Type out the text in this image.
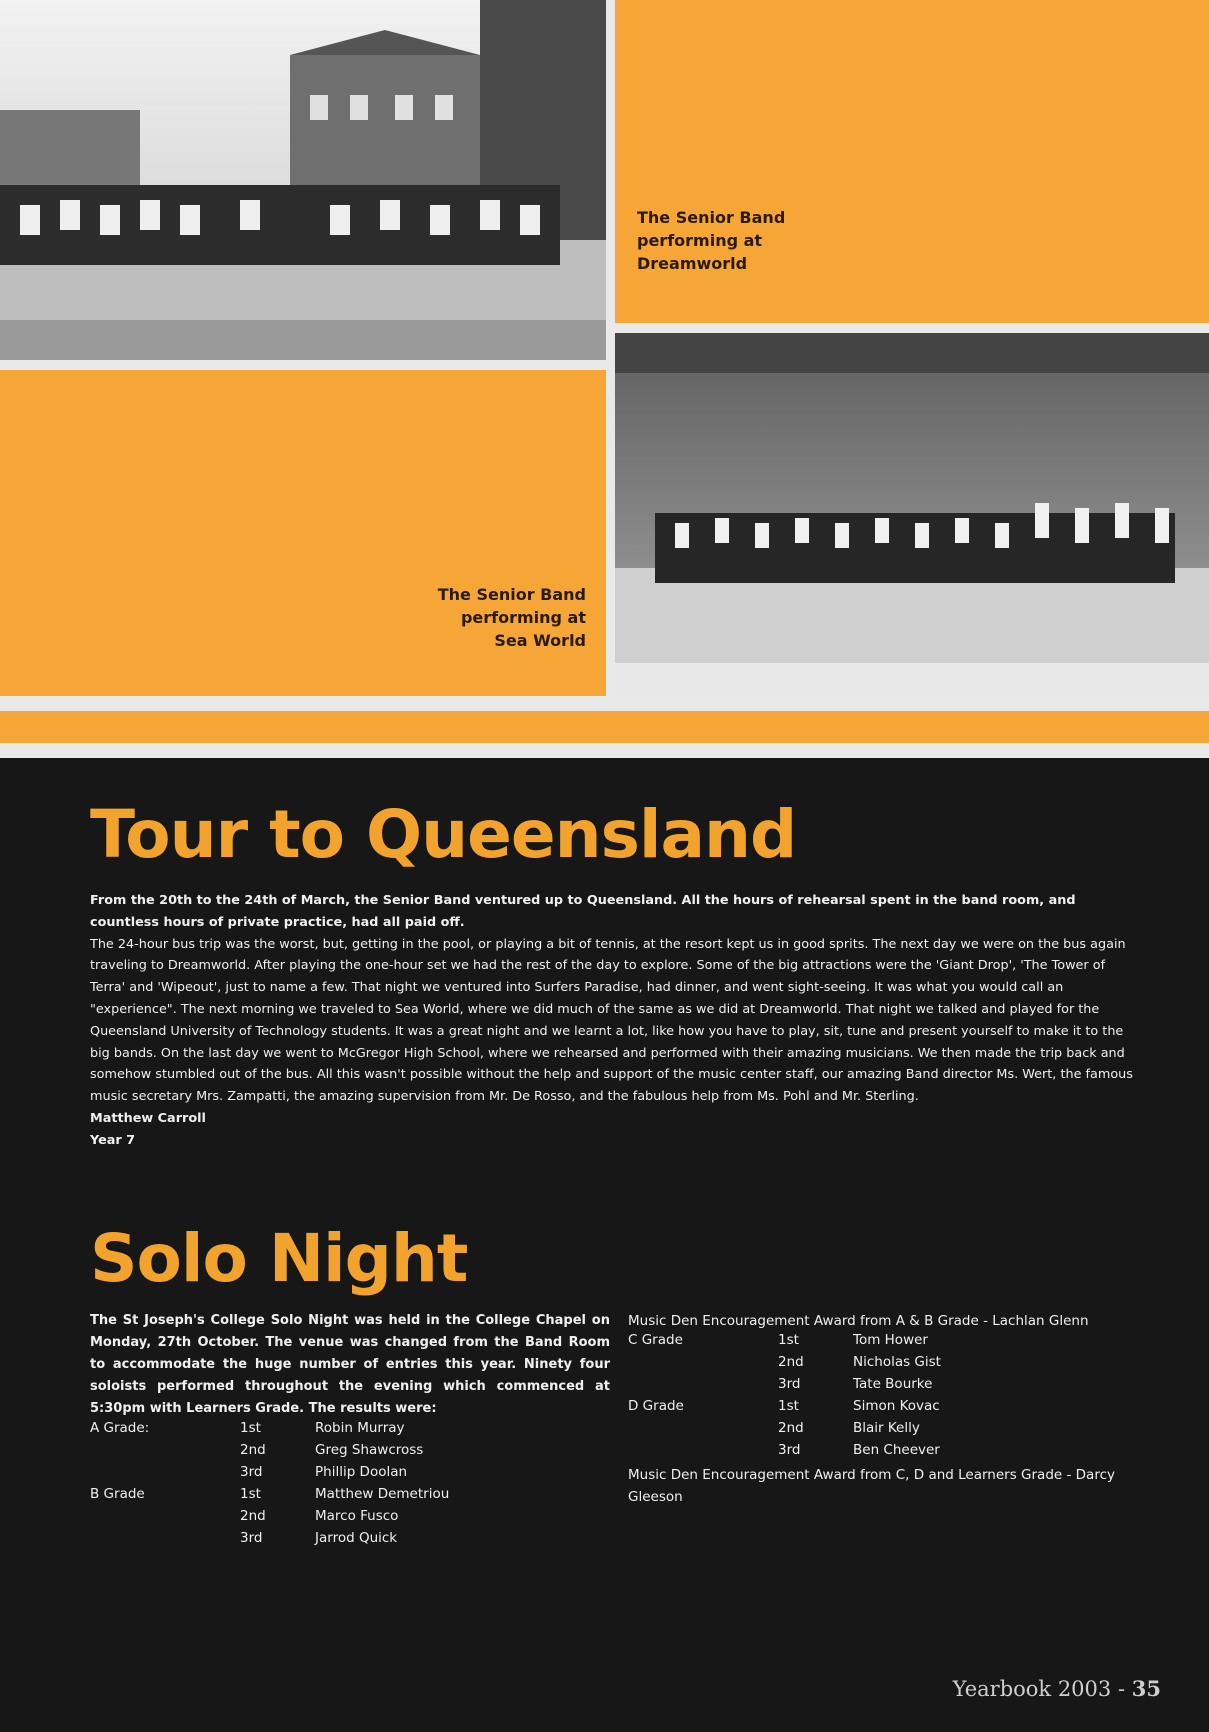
The Senior Band
performing at
Dreamworld
The Senior Band
performing at
Sea World
Tour to Queensland

From the 20th to the 24th of March, the Senior Band ventured up to Queensland. All the hours of rehearsal spent in the band room, and countless hours of private practice, had all paid off.

The 24-hour bus trip was the worst, but, getting in the pool, or playing a bit of tennis, at the resort kept us in good sprits. The next day we were on the bus again traveling to Dreamworld. After playing the one-hour set we had the rest of the day to explore. Some of the big attractions were the 'Giant Drop', 'The Tower of Terra' and 'Wipeout', just to name a few. That night we ventured into Surfers Paradise, had dinner, and went sight-seeing. It was what you would call an "experience". The next morning we traveled to Sea World, where we did much of the same as we did at Dreamworld. That night we talked and played for the Queensland University of Technology students. It was a great night and we learnt a lot, like how you have to play, sit, tune and present yourself to make it to the big bands. On the last day we went to McGregor High School, where we rehearsed and performed with their amazing musicians. We then made the trip back and somehow stumbled out of the bus. All this wasn't possible without the help and support of the music center staff, our amazing Band director Ms. Wert, the famous music secretary Mrs. Zampatti, the amazing supervision from Mr. De Rosso, and the fabulous help from Ms. Pohl and Mr. Sterling.

Matthew Carroll

Year 7

Solo Night
The St Joseph's College Solo Night was held in the College Chapel on Monday, 27th October. The venue was changed from the Band Room to accommodate the huge number of entries this year. Ninety four soloists performed throughout the evening which commenced at 5:30pm with Learners Grade. The results were:
A Grade:	1st	Robin Murray
	2nd	Greg Shawcross
	3rd	Phillip Doolan
B Grade	1st	Matthew Demetriou
	2nd	Marco Fusco
	3rd	Jarrod Quick
Music Den Encouragement Award from A & B Grade - Lachlan Glenn
C Grade	1st	Tom Hower
	2nd	Nicholas Gist
	3rd	Tate Bourke
D Grade	1st	Simon Kovac
	2nd	Blair Kelly
	3rd	Ben Cheever
Music Den Encouragement Award from C, D and Learners Grade - Darcy
Gleeson
Yearbook 2003 - 35
